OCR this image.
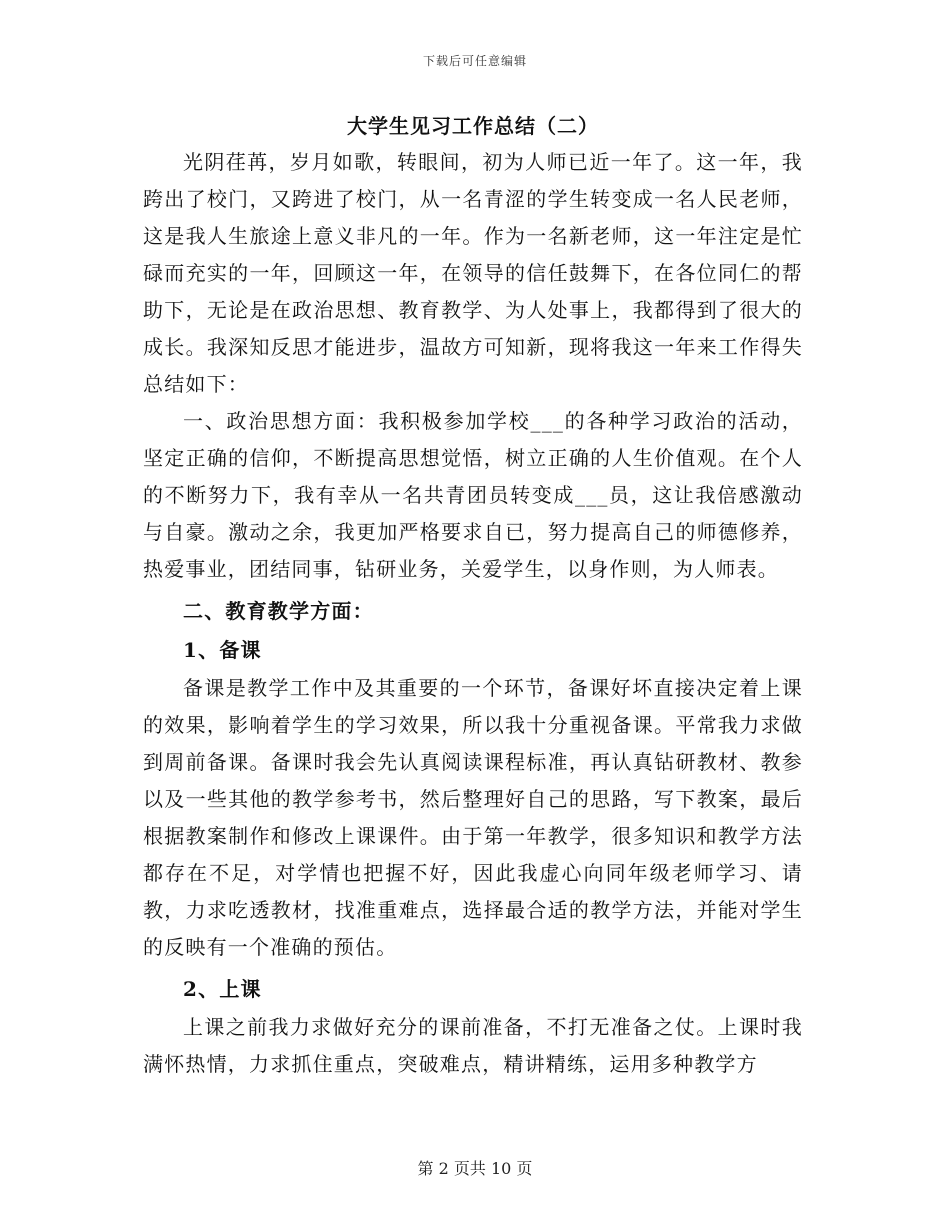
下载后可任意编辑

大学生见习工作总结（二）

光阴荏苒，岁月如歌，转眼间，初为人师已近一年了。这一年，我跨出了校门，又跨进了校门，从一名青涩的学生转变成一名人民老师，这是我人生旅途上意义非凡的一年。作为一名新老师，这一年注定是忙碌而充实的一年，回顾这一年，在领导的信任鼓舞下，在各位同仁的帮助下，无论是在政治思想、教育教学、为人处事上，我都得到了很大的成长。我深知反思才能进步，温故方可知新，现将我这一年来工作得失总结如下：

一、政治思想方面：我积极参加学校___的各种学习政治的活动，坚定正确的信仰，不断提高思想觉悟，树立正确的人生价值观。在个人的不断努力下，我有幸从一名共青团员转变成___员，这让我倍感激动与自豪。激动之余，我更加严格要求自已，努力提高自己的师德修养，热爱事业，团结同事，钻研业务，关爱学生，以身作则，为人师表。

二、教育教学方面：

1、备课

备课是教学工作中及其重要的一个环节，备课好坏直接决定着上课的效果，影响着学生的学习效果，所以我十分重视备课。平常我力求做到周前备课。备课时我会先认真阅读课程标准，再认真钻研教材、教参以及一些其他的教学参考书，然后整理好自己的思路，写下教案，最后根据教案制作和修改上课课件。由于第一年教学，很多知识和教学方法都存在不足，对学情也把握不好，因此我虚心向同年级老师学习、请教，力求吃透教材，找准重难点，选择最合适的教学方法，并能对学生的反映有一个准确的预估。

2、上课

上课之前我力求做好充分的课前准备，不打无准备之仗。上课时我满怀热情，力求抓住重点，突破难点，精讲精练，运用多种教学方

第 2 页共 10 页
